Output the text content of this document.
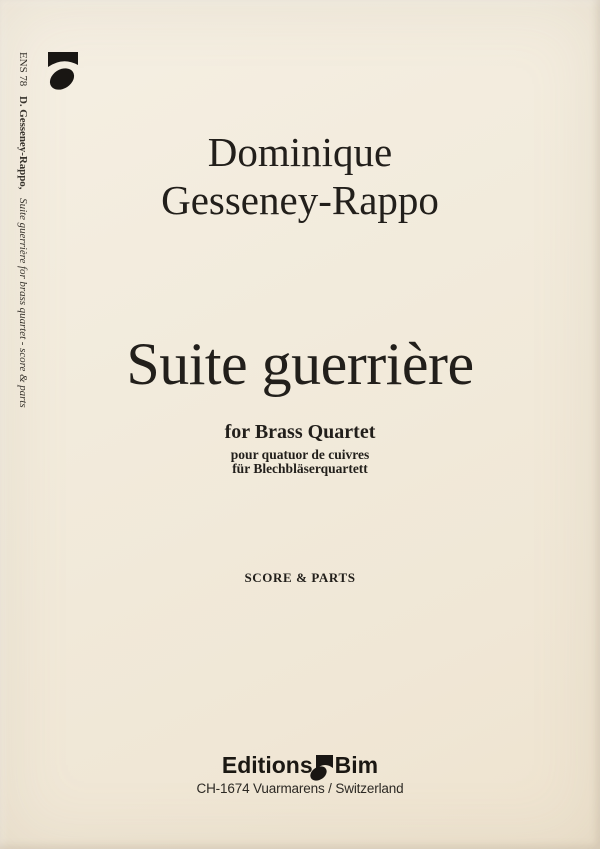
ENS 78 D. Gesseney-Rappo, Suite guerrière for brass quartet - score & parts
Dominique
Gesseney-Rappo
Suite guerrière
for Brass Quartet
pour quatuor de cuivres
für Blechbläserquartett
SCORE & PARTS
Editions Bim
CH-1674 Vuarmarens / Switzerland
